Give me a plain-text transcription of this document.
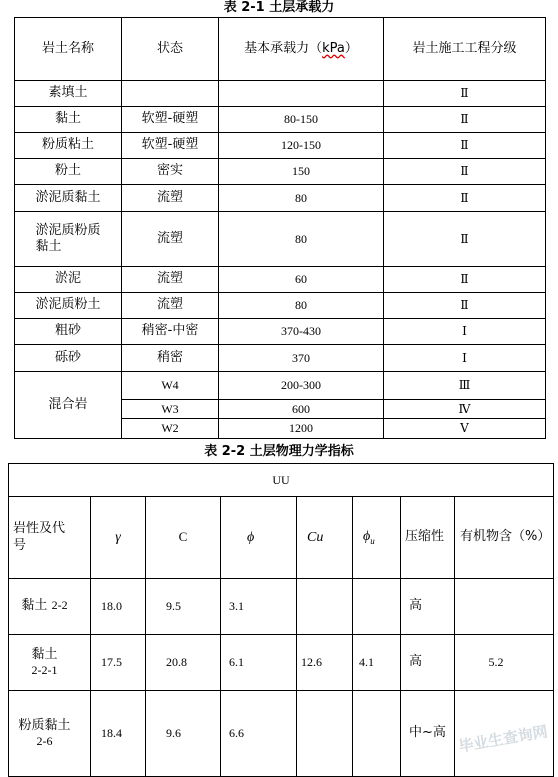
表 2-1 土层承载力
岩土名称	状态	基本承载力（kPa）	岩土施工工程分级
素填土			Ⅱ
黏土	软塑-硬塑	80-150	Ⅱ
粉质粘土	软塑-硬塑	120-150	Ⅱ
粉土	密实	150	Ⅱ
淤泥质黏土	流塑	80	Ⅱ
淤泥质粉质黏土	流塑	80	Ⅱ
淤泥	流塑	60	Ⅱ
淤泥质粉土	流塑	80	Ⅱ
粗砂	稍密-中密	370-430	Ⅰ
砾砂	稍密	370	Ⅰ
混合岩	W4	200-300	Ⅲ
	W3	600	Ⅳ
	W2	1200	Ⅴ
表 2-2 土层物理力学指标
UU							
岩性及代号	γ	C	ϕ	Cu	$\phi_u$	压缩性	有机物含（%）
黏土 2-2	18.0	9.5	3.1			高	

黏土
2-2-1	17.5	20.8	6.1	12.6	4.1	高	5.2

粉质黏土
2-6	18.4	9.6	6.6			中~高	毕业生查询网
